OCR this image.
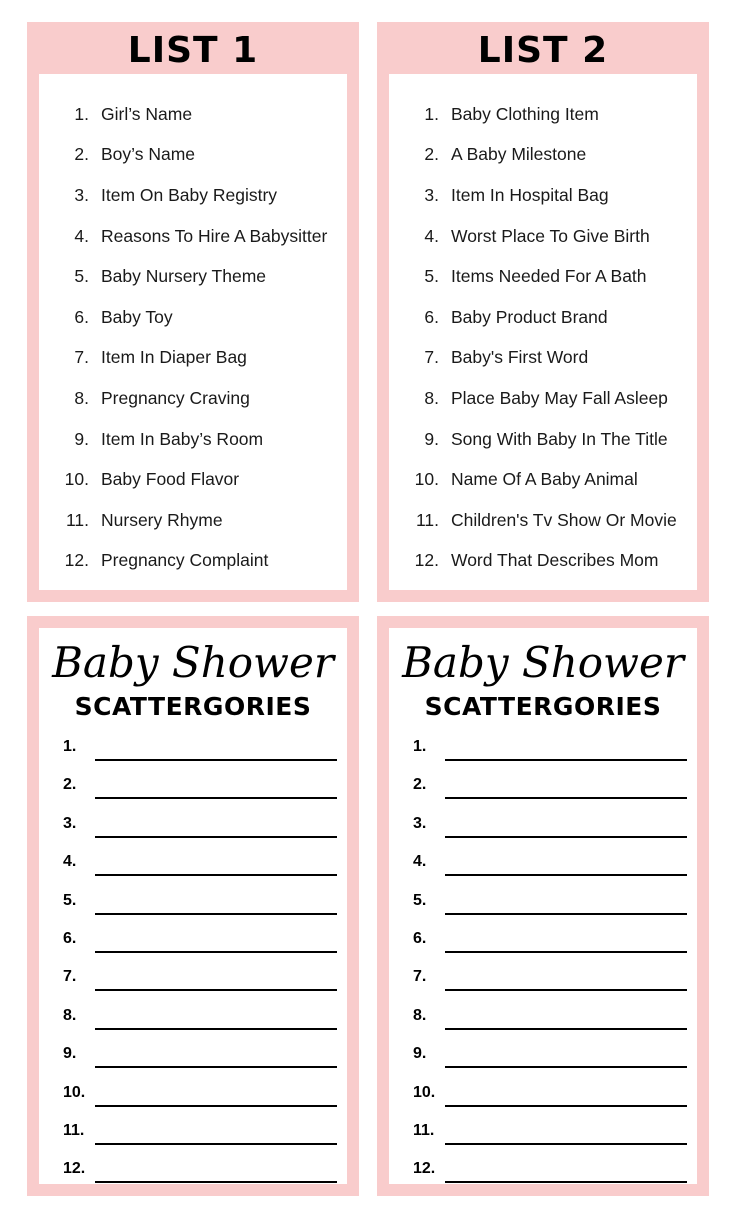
LIST 1
1. Girl’s Name
2. Boy’s Name
3. Item On Baby Registry
4. Reasons To Hire A Babysitter
5. Baby Nursery Theme
6. Baby Toy
7. Item In Diaper Bag
8. Pregnancy Craving
9. Item In Baby’s Room
10. Baby Food Flavor
11. Nursery Rhyme
12. Pregnancy Complaint
LIST 2
1. Baby Clothing Item
2. A Baby Milestone
3. Item In Hospital Bag
4. Worst Place To Give Birth
5. Items Needed For A Bath
6. Baby Product Brand
7. Baby's First Word
8. Place Baby May Fall Asleep
9. Song With Baby In The Title
10. Name Of A Baby Animal
11. Children's Tv Show Or Movie
12. Word That Describes Mom
Baby Shower
SCATTERGORIES
1.
2.
3.
4.
5.
6.
7.
8.
9.
10.
11.
12.
Baby Shower
SCATTERGORIES
1.
2.
3.
4.
5.
6.
7.
8.
9.
10.
11.
12.
